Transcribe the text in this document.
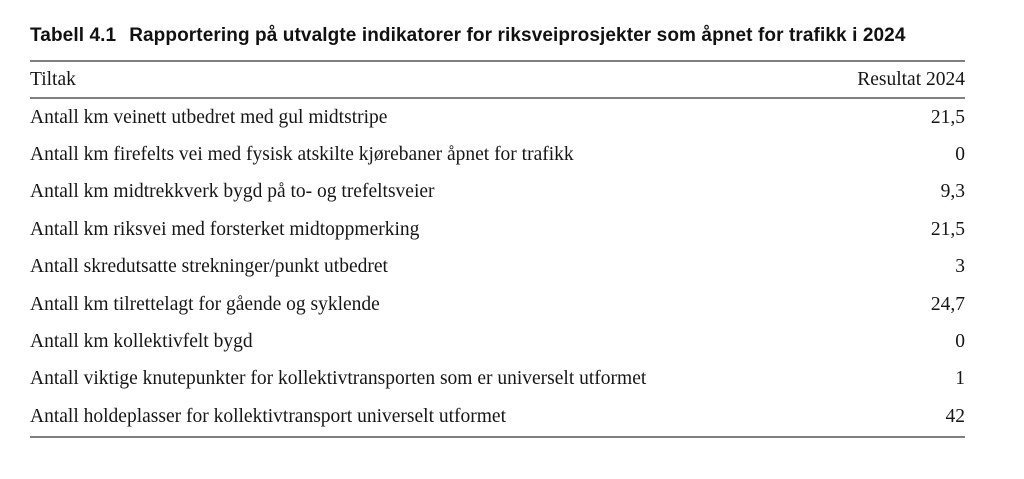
Tabell 4.1 Rapportering på utvalgte indikatorer for riksveiprosjekter som åpnet for trafikk i 2024
Tiltak	Resultat 2024
Antall km veinett utbedret med gul midtstripe	21,5
Antall km firefelts vei med fysisk atskilte kjørebaner åpnet for trafikk	0
Antall km midtrekkverk bygd på to- og trefeltsveier	9,3
Antall km riksvei med forsterket midtoppmerking	21,5
Antall skredutsatte strekninger/punkt utbedret	3
Antall km tilrettelagt for gående og syklende	24,7
Antall km kollektivfelt bygd	0
Antall viktige knutepunkter for kollektivtransporten som er universelt utformet	1
Antall holdeplasser for kollektivtransport universelt utformet	42
